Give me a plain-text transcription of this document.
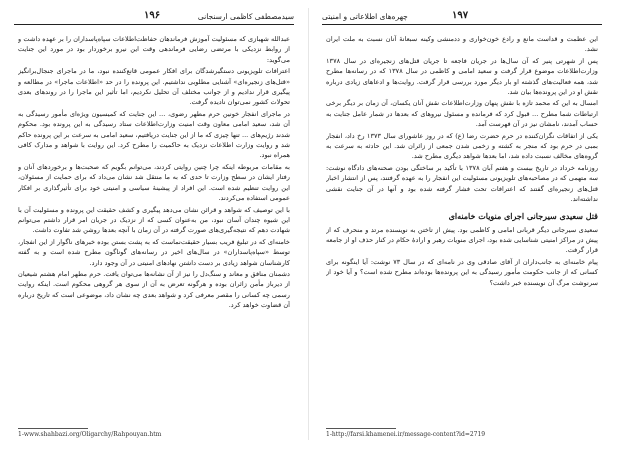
سیدمصطفی کاظمی ارسنجانی
۱۹۶

عبدالله شهبازی که مسئولیت آموزش فرماندهان حفاظت‌اطلاعات سپاه‌پاسداران را بر عهده داشت و از روابط نزدیکی با مرتضی رضایی فرماندهی وقت این نیرو برخوردار بود در مورد این جنایت می‌گوید:

اعترافات تلویزیونی دستگیرشدگان برای افکار عمومی قانع‌کننده نبود، ما در ماجرای جنجال‌برانگیز «قتل‌های زنجیره‌ای» آشنایی مطلوبی نداشتیم. این پرونده را در حد «اطلاعات ماجرا» در مطالعه و پیگیری قرار ندادیم و از جوانب مختلف آن تحلیل نکردیم، اما تأثیر این ماجرا را در روندهای بعدی تحولات کشور نمی‌توان نادیده گرفت.

در ماجرای انفجار خونین حرم مطهر رضوی، ... این جنایت که کمیسیون ویژه‌ای مأمور رسیدگی به آن شد، سعید امامی معاون وقت امنیت وزارت‌اطلاعات ستاد رسیدگی به این پرونده بود. محکوم شدند رژیم‌های ... تنها چیزی که ما از این جنایت دریافتیم، سعید امامی به سرعت بر این پرونده حاکم شد و روایت وزارت اطلاعات نزدیک به حاکمیت را مطرح کرد. این روایت با شواهد و مدارک کافی همراه نبود.

به مقامات مربوطه اینکه چرا چنین روایتی کردند، می‌توانم بگویم که صحبت‌ها و برخورد‌های آنان و رفتار ایشان در سطح وزارت تا حدی که به ما منتقل شد نشان می‌داد که برای حمایت از مسئولان، این روایت تنظیم شده است. این افراد از پیشینهٔ سیاسی و امنیتی خود برای تأثیرگذاری بر افکار عمومی استفاده می‌کردند.

با این توصیف که شواهد و قرائن نشان می‌دهد پیگیری و کشف حقیقت این پرونده و مسئولیت آن با این شیوه چندان آسان نبود، من به‌عنوان کسی که از نزدیک در جریان امر قرار داشتم می‌توانم شهادت دهم که نتیجه‌گیری‌های صورت گرفته در آن زمان با آنچه بعدها روشن شد تفاوت داشت.

خامنه‌ای که در تبلیغ فریب بسیار حقیقت‌نماست که به پشت بستن بوده خبرهای ناگوار از این انفجار، توسط «سپاه‌پاسداران» در سال‌های اخیر در رسانه‌های گوناگون مطرح شده است و به گفته کارشناسان شواهد زیادی بر دست داشتن نهادهای امنیتی در آن وجود دارد.

دشمنان منافق و معاند و سنگ‌دل را نیز از آن نشانه‌ها می‌توان یافت. حرم مطهر امام هشتم شیعیان از دیرباز مأمن زائران بوده و هرگونه تعرض به آن از سوی هر گروهی محکوم است. اینکه روایت رسمی چه کسانی را مقصر معرفی کرد و شواهد بعدی چه نشان داد، موضوعی است که تاریخ درباره آن قضاوت خواهد کرد.

1-www.shahbazi.org/Oligarchy/Rahpouyan.htm
چهره‌های اطلاعاتی و امنیتی	۱۹۷

این عظمت و قداست مانع و رادع خون‌خواری و دد‌منشی وکینه سبعانهٔ آنان نسبت به ملت ایران نشد.

پس از شهرتی پنیر که آن سال‌ها در جریان فاجعه تا جریان قتل‌های زنجیره‌ای در سال ۱۳۷۸ وزارت‌اطلاعات موضوع قرار گرفت و سعید امامی و کاظمی در سال ۱۳۷۸ که در رسانه‌ها مطرح شد، همه فعالیت‌های گذشته او بار دیگر مورد بررسی قرار گرفت. روایت‌ها و ادعاهای زیادی درباره نقش او در این پرونده‌ها بیان شد.

امسال به این که محمد تازه با نقش پنهان وزارت‌اطلاعات نقش آنان یکسان، آن زمان بر دیگر برخی ارتباطات شما مطرح ... قبول کرد که فرمانده و مسئول نیرو‌های که بعدها در شمار عامل جنایت به حساب آمدند، نامشان نیز در آن فهرست آمد.

یکی از اتفاقات نگران‌کننده در حرم حضرت رضا (ع) که در روز عاشورای سال ۱۳۷۳ رخ داد، انفجار بمبی در حرم بود که منجر به کشته و زخمی شدن جمعی از زائران شد. این حادثه به سرعت به گروه‌های مخالف نسبت داده شد، اما بعدها شواهد دیگری مطرح شد.

روزنامه خرداد در تاریخ بیست و هفتم آبان ۱۳۷۸ با تأکید بر ساختگی بودن صحنه‌های دادگاه نوشت: سه متهمی که در مصاحبه‌های تلویزیونی مسئولیت این انفجار را به عهده گرفتند، پس از انتشار اخبار قتل‌های زنجیره‌ای گفتند که اعترافات تحت فشار گرفته شده بود و آنها در آن جنایت نقشی نداشته‌اند.

قتل سعیدی سیرجانی اجرای منویات خامنه‌ای

سعیدی سیرجانی دیگر قربانی امامی و کاظمی بود. پیش از تاختن به نویسنده مرتد و منحرف که از پیش در مراکز امنیتی شناسایی شده بود، اجرای منویات رهبر و ارادهٔ حکام در کنار حذف او از جامعه قرار گرفت.

پیام خامنه‌ای به جانب‌داران از آقای صادقی وی در نامه‌ای که در سال ۷۳ نوشت: آیا اینگونه برای کسانی که از جانب حکومت مأمور رسیدگی به این پرونده‌ها بوده‌اند مطرح شده است؟ و آیا خود از سرنوشت مرگ آن نویسنده خبر داشت؟

1-http://farsi.khamenei.ir/message-content?id=2719
